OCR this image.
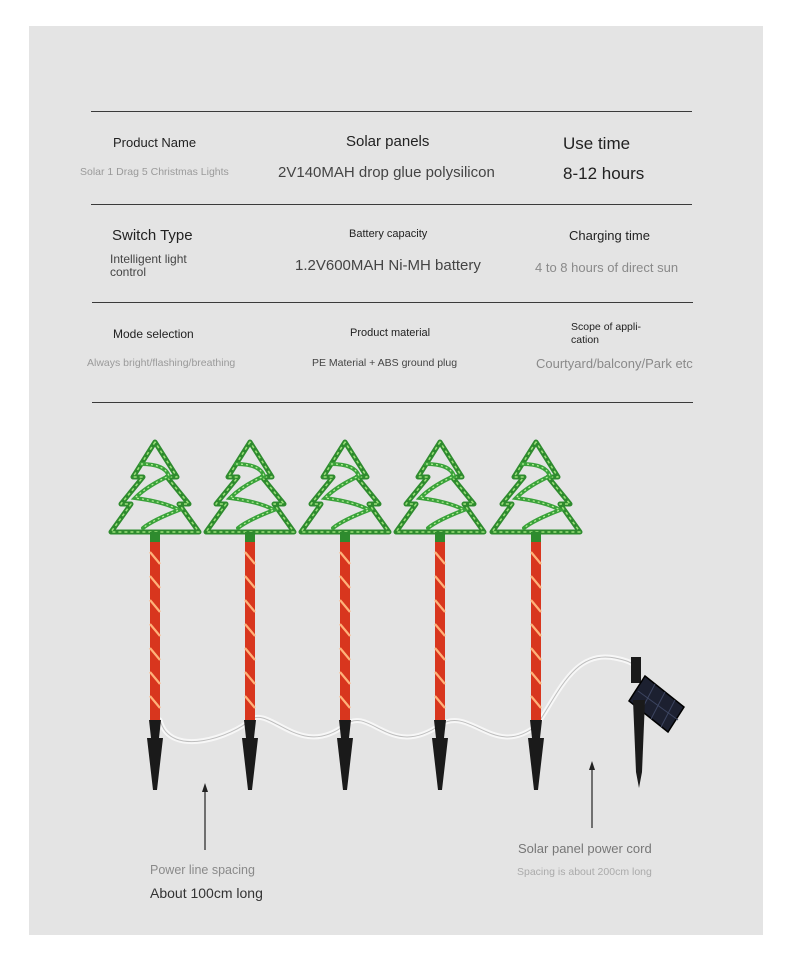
Product Name
Solar 1 Drag 5 Christmas Lights
Solar panels
2V140MAH drop glue polysilicon
Use time
8-12 hours
Switch Type
Intelligent light
control
Battery capacity
1.2V600MAH Ni-MH battery
Charging time
4 to 8 hours of direct sun
Mode selection
Always bright/flashing/breathing
Product material
PE Material + ABS ground plug
Scope of appli-
cation
Courtyard/balcony/Park etc
Power line spacing
About 100cm long
Solar panel power cord
Spacing is about 200cm long
